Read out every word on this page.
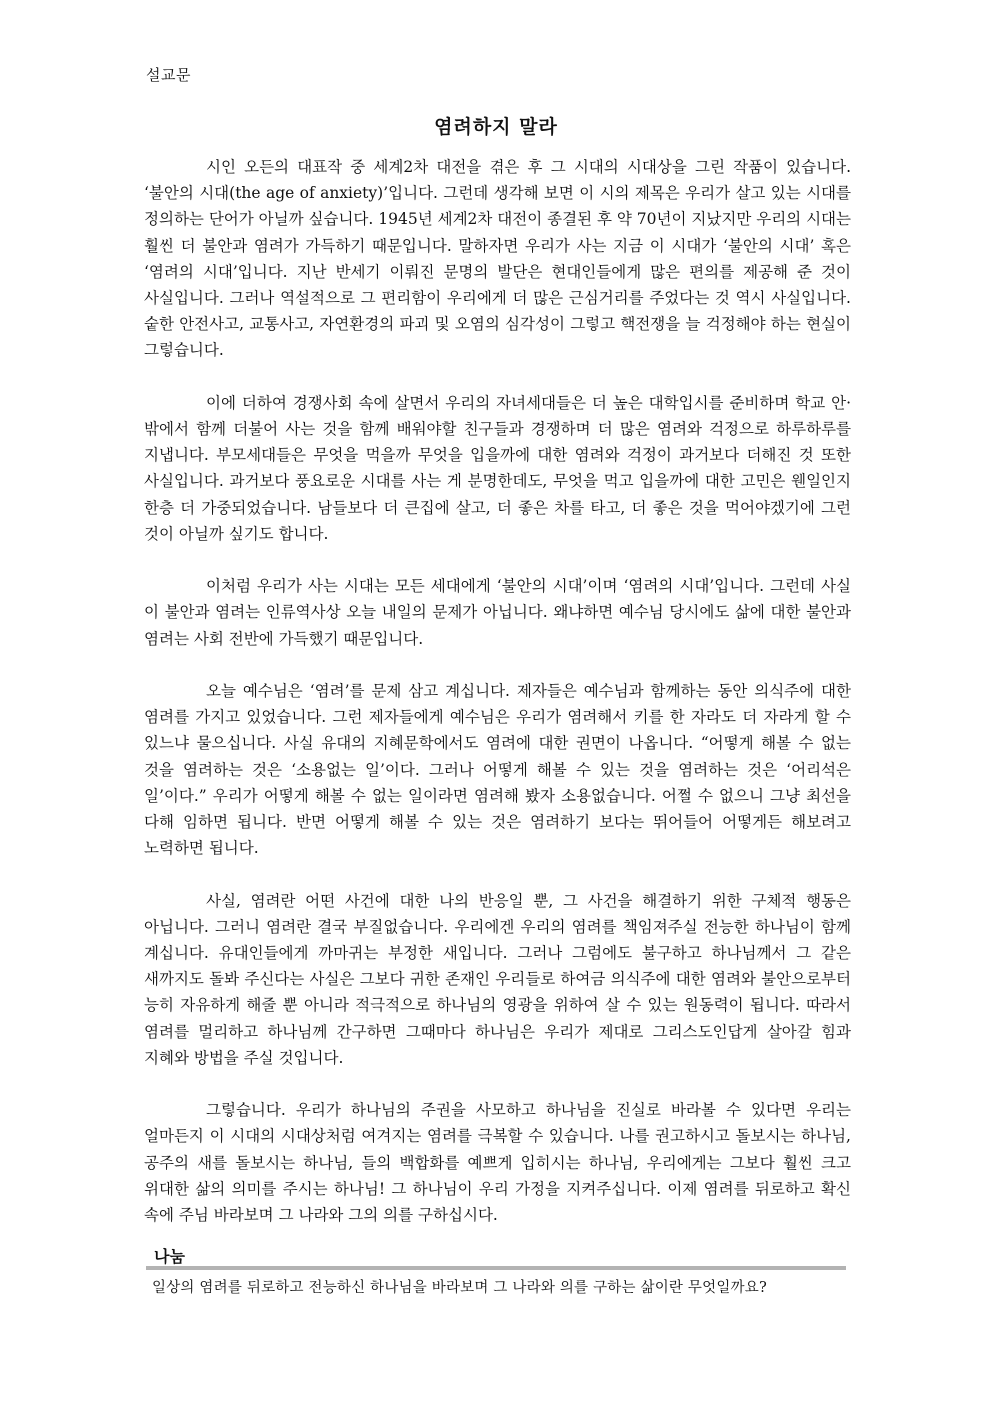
설교문
염려하지 말라

시인 오든의 대표작 중 세계2차 대전을 겪은 후 그 시대의 시대상을 그린 작품이 있습니다. ‘불안의 시대(the age of anxiety)’입니다. 그런데 생각해 보면 이 시의 제목은 우리가 살고 있는 시대를 정의하는 단어가 아닐까 싶습니다. 1945년 세계2차 대전이 종결된 후 약 70년이 지났지만 우리의 시대는 훨씬 더 불안과 염려가 가득하기 때문입니다. 말하자면 우리가 사는 지금 이 시대가 ‘불안의 시대’ 혹은 ‘염려의 시대’입니다. 지난 반세기 이뤄진 문명의 발단은 현대인들에게 많은 편의를 제공해 준 것이 사실입니다. 그러나 역설적으로 그 편리함이 우리에게 더 많은 근심거리를 주었다는 것 역시 사실입니다. 숱한 안전사고, 교통사고, 자연환경의 파괴 및 오염의 심각성이 그렇고 핵전쟁을 늘 걱정해야 하는 현실이 그렇습니다.

이에 더하여 경쟁사회 속에 살면서 우리의 자녀세대들은 더 높은 대학입시를 준비하며 학교 안·밖에서 함께 더불어 사는 것을 함께 배워야할 친구들과 경쟁하며 더 많은 염려와 걱정으로 하루하루를 지냅니다. 부모세대들은 무엇을 먹을까 무엇을 입을까에 대한 염려와 걱정이 과거보다 더해진 것 또한 사실입니다. 과거보다 풍요로운 시대를 사는 게 분명한데도, 무엇을 먹고 입을까에 대한 고민은 웬일인지 한층 더 가중되었습니다. 남들보다 더 큰집에 살고, 더 좋은 차를 타고, 더 좋은 것을 먹어야겠기에 그런 것이 아닐까 싶기도 합니다.

이처럼 우리가 사는 시대는 모든 세대에게 ‘불안의 시대’이며 ‘염려의 시대’입니다. 그런데 사실 이 불안과 염려는 인류역사상 오늘 내일의 문제가 아닙니다. 왜냐하면 예수님 당시에도 삶에 대한 불안과 염려는 사회 전반에 가득했기 때문입니다.

오늘 예수님은 ‘염려’를 문제 삼고 계십니다. 제자들은 예수님과 함께하는 동안 의식주에 대한 염려를 가지고 있었습니다. 그런 제자들에게 예수님은 우리가 염려해서 키를 한 자라도 더 자라게 할 수 있느냐 물으십니다. 사실 유대의 지혜문학에서도 염려에 대한 권면이 나옵니다. “어떻게 해볼 수 없는 것을 염려하는 것은 ‘소용없는 일’이다. 그러나 어떻게 해볼 수 있는 것을 염려하는 것은 ‘어리석은 일’이다.” 우리가 어떻게 해볼 수 없는 일이라면 염려해 봤자 소용없습니다. 어쩔 수 없으니 그냥 최선을 다해 임하면 됩니다. 반면 어떻게 해볼 수 있는 것은 염려하기 보다는 뛰어들어 어떻게든 해보려고 노력하면 됩니다.

사실, 염려란 어떤 사건에 대한 나의 반응일 뿐, 그 사건을 해결하기 위한 구체적 행동은 아닙니다. 그러니 염려란 결국 부질없습니다. 우리에겐 우리의 염려를 책임져주실 전능한 하나님이 함께 계십니다. 유대인들에게 까마귀는 부정한 새입니다. 그러나 그럼에도 불구하고 하나님께서 그 같은 새까지도 돌봐 주신다는 사실은 그보다 귀한 존재인 우리들로 하여금 의식주에 대한 염려와 불안으로부터 능히 자유하게 해줄 뿐 아니라 적극적으로 하나님의 영광을 위하여 살 수 있는 원동력이 됩니다. 따라서 염려를 멀리하고 하나님께 간구하면 그때마다 하나님은 우리가 제대로 그리스도인답게 살아갈 힘과 지혜와 방법을 주실 것입니다.

그렇습니다. 우리가 하나님의 주권을 사모하고 하나님을 진실로 바라볼 수 있다면 우리는 얼마든지 이 시대의 시대상처럼 여겨지는 염려를 극복할 수 있습니다. 나를 권고하시고 돌보시는 하나님, 공주의 새를 돌보시는 하나님, 들의 백합화를 예쁘게 입히시는 하나님, 우리에게는 그보다 훨씬 크고 위대한 삶의 의미를 주시는 하나님! 그 하나님이 우리 가정을 지켜주십니다. 이제 염려를 뒤로하고 확신 속에 주님 바라보며 그 나라와 그의 의를 구하십시다.

나눔
일상의 염려를 뒤로하고 전능하신 하나님을 바라보며 그 나라와 의를 구하는 삶이란 무엇일까요?
